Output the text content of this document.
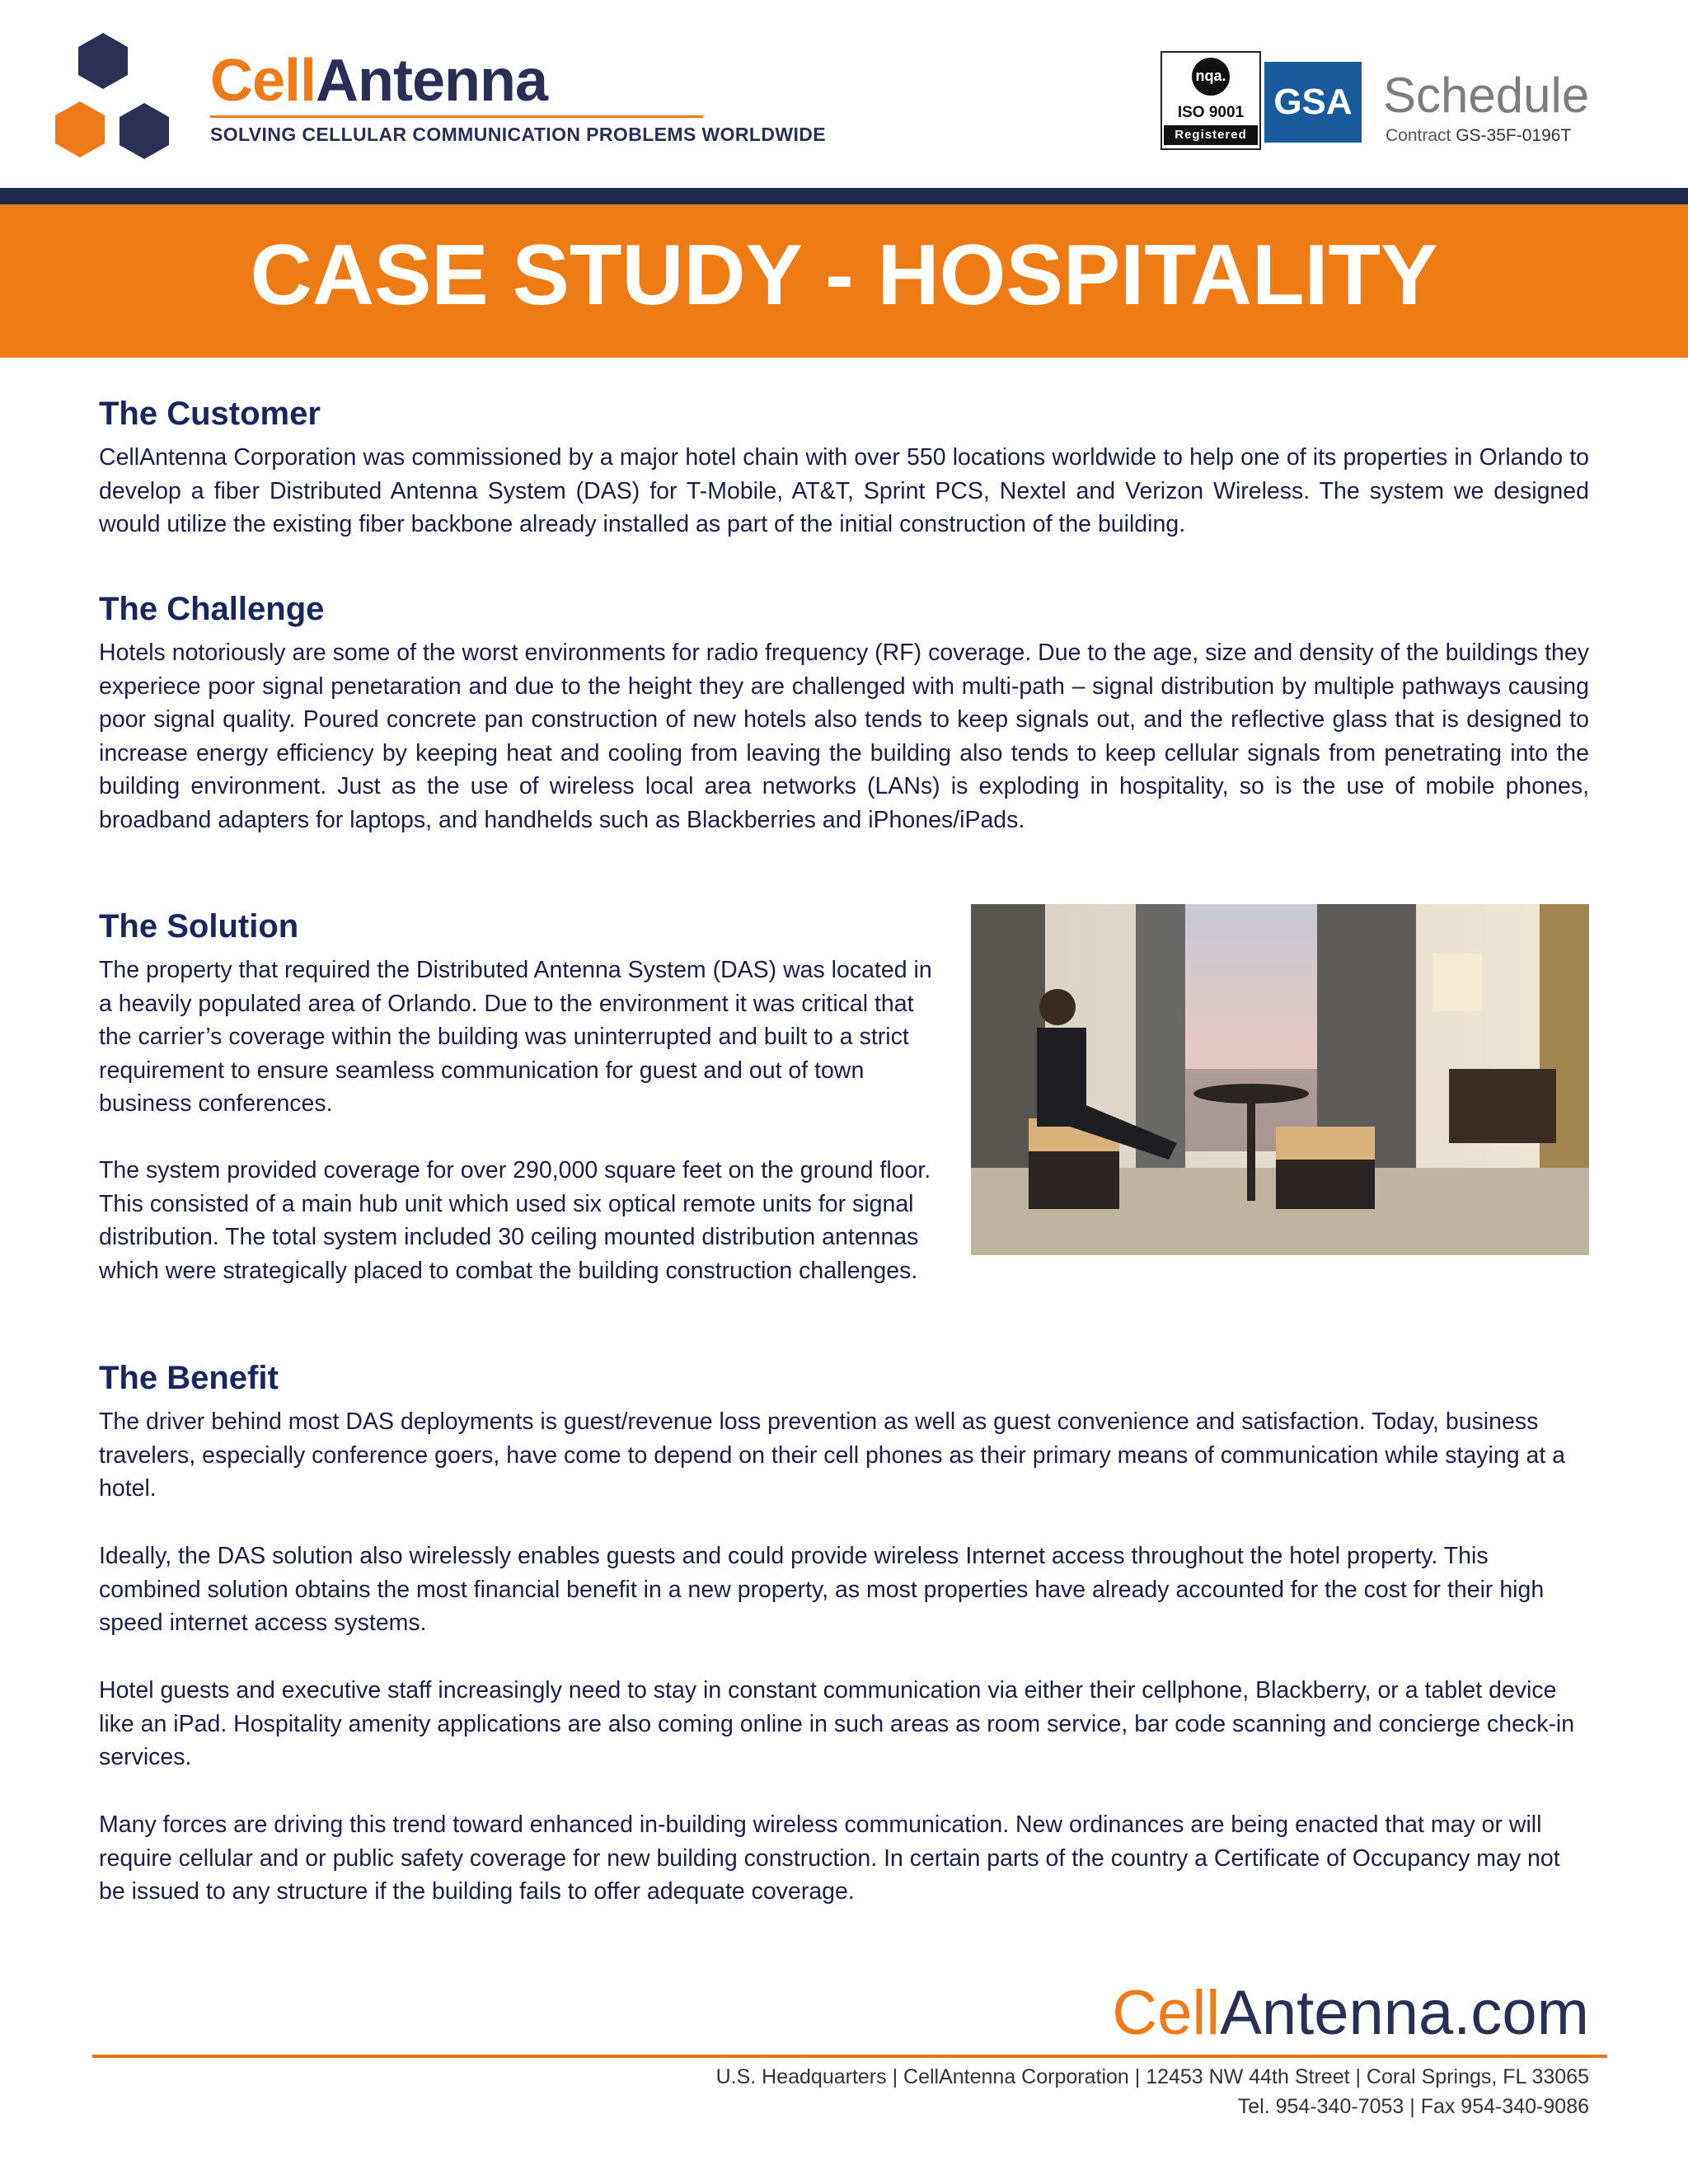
CellAntenna
SOLVING CELLULAR COMMUNICATION PROBLEMS WORLDWIDE
nqa.
ISO 9001
Registered
GSA Schedule
Contract GS-35F-0196T
CASE STUDY - HOSPITALITY
The Customer

CellAntenna Corporation was commissioned by a major hotel chain with over 550 locations worldwide to help one of its properties in Orlando to develop a fiber Distributed Antenna System (DAS) for T-Mobile, AT&T, Sprint PCS, Nextel and Verizon Wireless. The system we designed would utilize the existing fiber backbone already installed as part of the initial construction of the building.

The Challenge

Hotels notoriously are some of the worst environments for radio frequency (RF) coverage. Due to the age, size and density of the buildings they experiece poor signal penetaration and due to the height they are challenged with multi-path – signal distribution by multiple pathways causing poor signal quality. Poured concrete pan construction of new hotels also tends to keep signals out, and the reflective glass that is designed to increase energy efficiency by keeping heat and cooling from leaving the building also tends to keep cellular signals from penetrating into the building environment. Just as the use of wireless local area networks (LANs) is exploding in hospitality, so is the use of mobile phones, broadband adapters for laptops, and handhelds such as Blackberries and iPhones/iPads.

The Solution

The property that required the Distributed Antenna System (DAS) was located in a heavily populated area of Orlando. Due to the environment it was critical that the carrier’s coverage within the building was uninterrupted and built to a strict requirement to ensure seamless communication for guest and out of town business conferences.

The system provided coverage for over 290,000 square feet on the ground floor. This consisted of a main hub unit which used six optical remote units for signal distribution. The total system included 30 ceiling mounted distribution antennas which were strategically placed to combat the building construction challenges.

The Benefit

The driver behind most DAS deployments is guest/revenue loss prevention as well as guest convenience and satisfaction. Today, business travelers, especially conference goers, have come to depend on their cell phones as their primary means of communication while staying at a hotel.

Ideally, the DAS solution also wirelessly enables guests and could provide wireless Internet access throughout the hotel property. This combined solution obtains the most financial benefit in a new property, as most properties have already accounted for the cost for their high speed internet access systems.

Hotel guests and executive staff increasingly need to stay in constant communication via either their cellphone, Blackberry, or a tablet device like an iPad. Hospitality amenity applications are also coming online in such areas as room service, bar code scanning and concierge check-in services.

Many forces are driving this trend toward enhanced in-building wireless communication. New ordinances are being enacted that may or will require cellular and or public safety coverage for new building construction. In certain parts of the country a Certificate of Occupancy may not be issued to any structure if the building fails to offer adequate coverage.

CellAntenna.com
U.S. Headquarters | CellAntenna Corporation | 12453 NW 44th Street | Coral Springs, FL 33065
Tel. 954-340-7053 | Fax 954-340-9086
